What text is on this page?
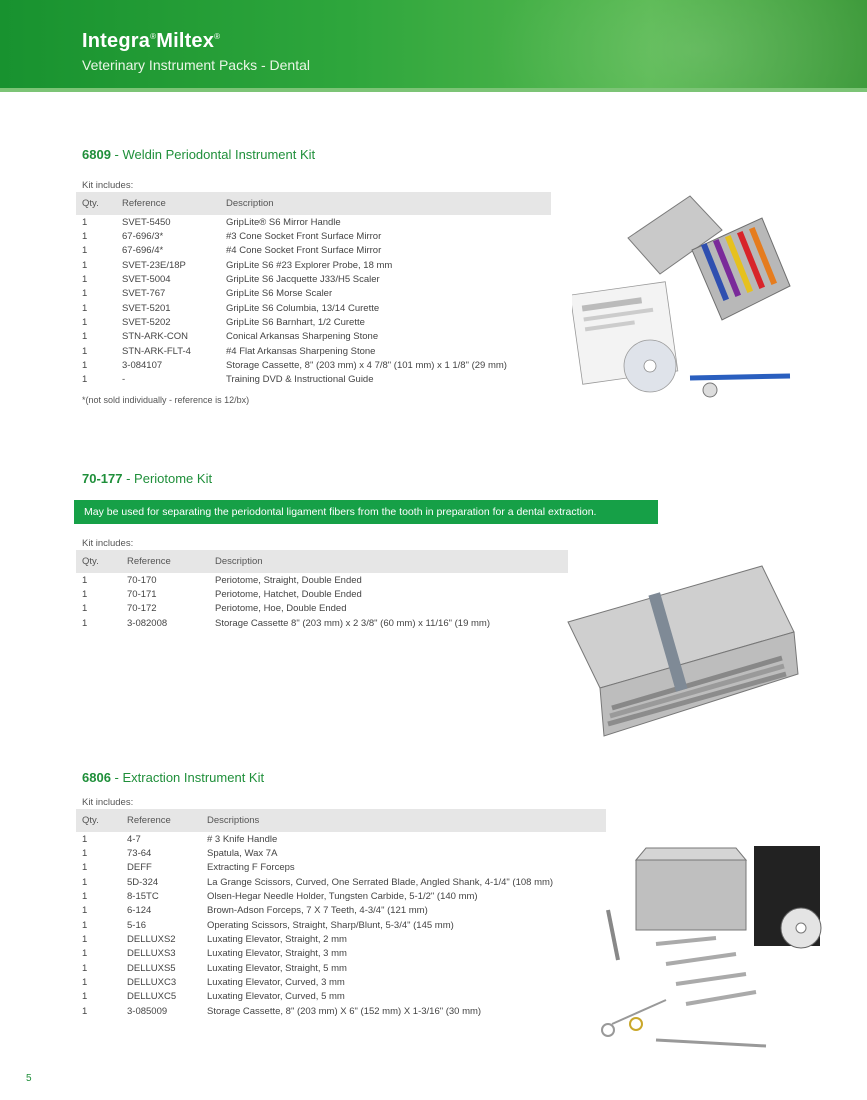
Integra®Miltex®
Veterinary Instrument Packs - Dental
6809 - Weldin Periodontal Instrument Kit
Kit includes:
Qty.	Reference	Description
1	SVET-5450	GripLite® S6 Mirror Handle
1	67-696/3*	#3 Cone Socket Front Surface Mirror
1	67-696/4*	#4 Cone Socket Front Surface Mirror
1	SVET-23E/18P	GripLite S6 #23 Explorer Probe, 18 mm
1	SVET-5004	GripLite S6 Jacquette J33/H5 Scaler
1	SVET-767	GripLite S6 Morse Scaler
1	SVET-5201	GripLite S6 Columbia, 13/14 Curette
1	SVET-5202	GripLite S6 Barnhart, 1/2 Curette
1	STN-ARK-CON	Conical Arkansas Sharpening Stone
1	STN-ARK-FLT-4	#4 Flat Arkansas Sharpening Stone
1	3-084107	Storage Cassette, 8" (203 mm) x 4 7/8" (101 mm) x 1 1/8" (29 mm)
1	-	Training DVD & Instructional Guide
*(not sold individually - reference is 12/bx)
70-177 - Periotome Kit
May be used for separating the periodontal ligament fibers from the tooth in preparation for a dental extraction.
Kit includes:
Qty.	Reference	Description
1	70-170	Periotome, Straight, Double Ended
1	70-171	Periotome, Hatchet, Double Ended
1	70-172	Periotome, Hoe, Double Ended
1	3-082008	Storage Cassette 8" (203 mm) x 2 3/8" (60 mm) x 11/16" (19 mm)
6806 - Extraction Instrument Kit
Kit includes:
Qty.	Reference	Descriptions
1	4-7	# 3 Knife Handle
1	73-64	Spatula, Wax 7A
1	DEFF	Extracting F Forceps
1	5D-324	La Grange Scissors, Curved, One Serrated Blade, Angled Shank, 4-1/4" (108 mm)
1	8-15TC	Olsen-Hegar Needle Holder, Tungsten Carbide, 5-1/2" (140 mm)
1	6-124	Brown-Adson Forceps, 7 X 7 Teeth, 4-3/4" (121 mm)
1	5-16	Operating Scissors, Straight, Sharp/Blunt, 5-3/4" (145 mm)
1	DELLUXS2	Luxating Elevator, Straight, 2 mm
1	DELLUXS3	Luxating Elevator, Straight, 3 mm
1	DELLUXS5	Luxating Elevator, Straight, 5 mm
1	DELLUXC3	Luxating Elevator, Curved, 3 mm
1	DELLUXC5	Luxating Elevator, Curved, 5 mm
1	3-085009	Storage Cassette, 8" (203 mm) X 6" (152 mm) X 1-3/16" (30 mm)
5
